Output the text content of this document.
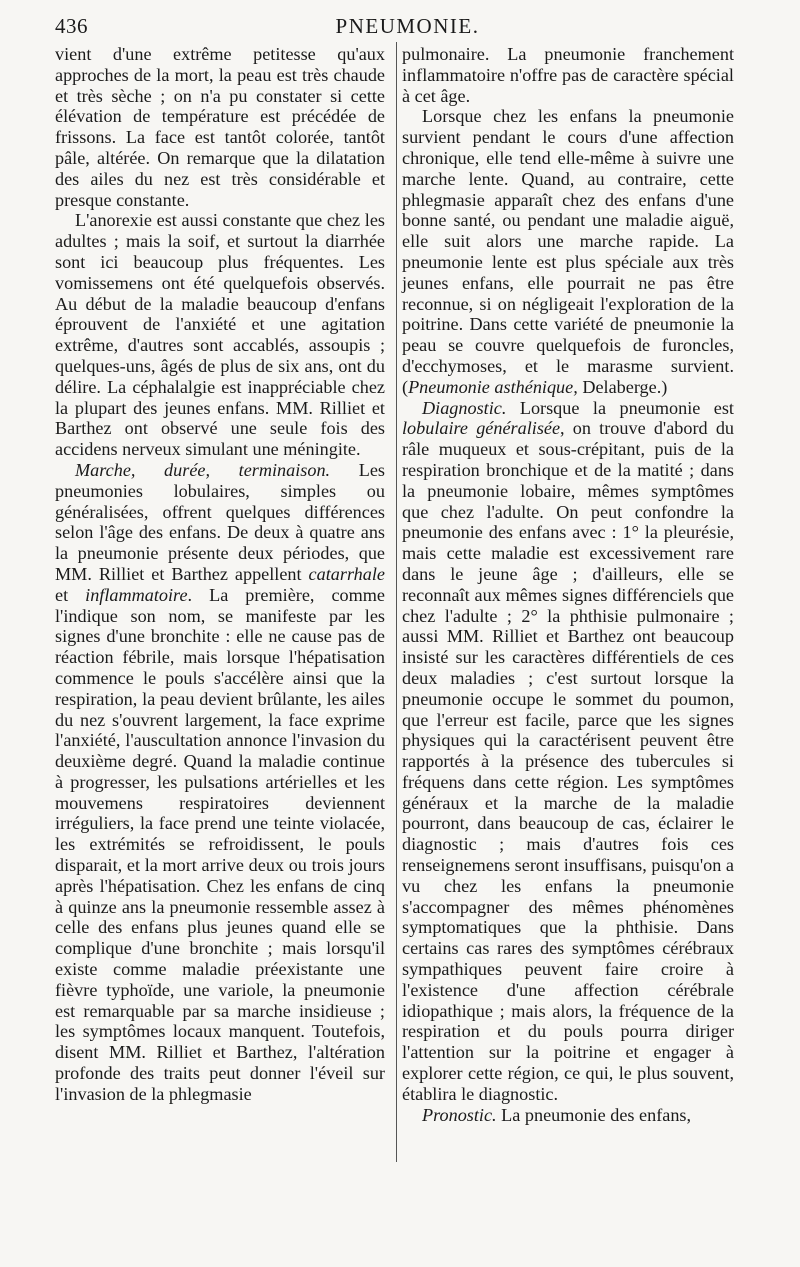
436	PNEUMONIE.

vient d'une extrême petitesse qu'aux approches de la mort, la peau est très chaude et très sèche ; on n'a pu constater si cette élévation de température est précédée de frissons. La face est tantôt colorée, tantôt pâle, altérée. On remarque que la dilatation des ailes du nez est très considérable et presque constante.

L'anorexie est aussi constante que chez les adultes ; mais la soif, et surtout la diarrhée sont ici beaucoup plus fréquentes. Les vomissemens ont été quelquefois observés. Au début de la maladie beaucoup d'enfans éprouvent de l'anxiété et une agitation extrême, d'autres sont accablés, assoupis ; quelques-uns, âgés de plus de six ans, ont du délire. La céphalalgie est inappréciable chez la plupart des jeunes enfans. MM. Rilliet et Barthez ont observé une seule fois des accidens nerveux simulant une méningite.

Marche, durée, terminaison. Les pneumonies lobulaires, simples ou généralisées, offrent quelques différences selon l'âge des enfans. De deux à quatre ans la pneumonie présente deux périodes, que MM. Rilliet et Barthez appellent catarrhale et inflammatoire. La première, comme l'indique son nom, se manifeste par les signes d'une bronchite : elle ne cause pas de réaction fébrile, mais lorsque l'hépatisation commence le pouls s'accélère ainsi que la respiration, la peau devient brûlante, les ailes du nez s'ouvrent largement, la face exprime l'anxiété, l'auscultation annonce l'invasion du deuxième degré. Quand la maladie continue à progresser, les pulsations artérielles et les mouvemens respiratoires deviennent irréguliers, la face prend une teinte violacée, les extrémités se refroidissent, le pouls disparait, et la mort arrive deux ou trois jours après l'hépatisation. Chez les enfans de cinq à quinze ans la pneumonie ressemble assez à celle des enfans plus jeunes quand elle se complique d'une bronchite ; mais lorsqu'il existe comme maladie préexistante une fièvre typhoïde, une variole, la pneumonie est remarquable par sa marche insidieuse ; les symptômes locaux manquent. Toutefois, disent MM. Rilliet et Barthez, l'altération profonde des traits peut donner l'éveil sur l'invasion de la phlegmasie

pulmonaire. La pneumonie franchement inflammatoire n'offre pas de caractère spécial à cet âge.

Lorsque chez les enfans la pneumonie survient pendant le cours d'une affection chronique, elle tend elle-même à suivre une marche lente. Quand, au contraire, cette phlegmasie apparaît chez des enfans d'une bonne santé, ou pendant une maladie aiguë, elle suit alors une marche rapide. La pneumonie lente est plus spéciale aux très jeunes enfans, elle pourrait ne pas être reconnue, si on négligeait l'exploration de la poitrine. Dans cette variété de pneumonie la peau se couvre quelquefois de furoncles, d'ecchymoses, et le marasme survient. (Pneumonie asthénique, Delaberge.)

Diagnostic. Lorsque la pneumonie est lobulaire généralisée, on trouve d'abord du râle muqueux et sous-crépitant, puis de la respiration bronchique et de la matité ; dans la pneumonie lobaire, mêmes symptômes que chez l'adulte. On peut confondre la pneumonie des enfans avec : 1° la pleurésie, mais cette maladie est excessivement rare dans le jeune âge ; d'ailleurs, elle se reconnaît aux mêmes signes différenciels que chez l'adulte ; 2° la phthisie pulmonaire ; aussi MM. Rilliet et Barthez ont beaucoup insisté sur les caractères différentiels de ces deux maladies ; c'est surtout lorsque la pneumonie occupe le sommet du poumon, que l'erreur est facile, parce que les signes physiques qui la caractérisent peuvent être rapportés à la présence des tubercules si fréquens dans cette région. Les symptômes généraux et la marche de la maladie pourront, dans beaucoup de cas, éclairer le diagnostic ; mais d'autres fois ces renseignemens seront insuffisans, puisqu'on a vu chez les enfans la pneumonie s'accompagner des mêmes phénomènes symptomatiques que la phthisie. Dans certains cas rares des symptômes cérébraux sympathiques peuvent faire croire à l'existence d'une affection cérébrale idiopathique ; mais alors, la fréquence de la respiration et du pouls pourra diriger l'attention sur la poitrine et engager à explorer cette région, ce qui, le plus souvent, établira le diagnostic.

Pronostic. La pneumonie des enfans,
